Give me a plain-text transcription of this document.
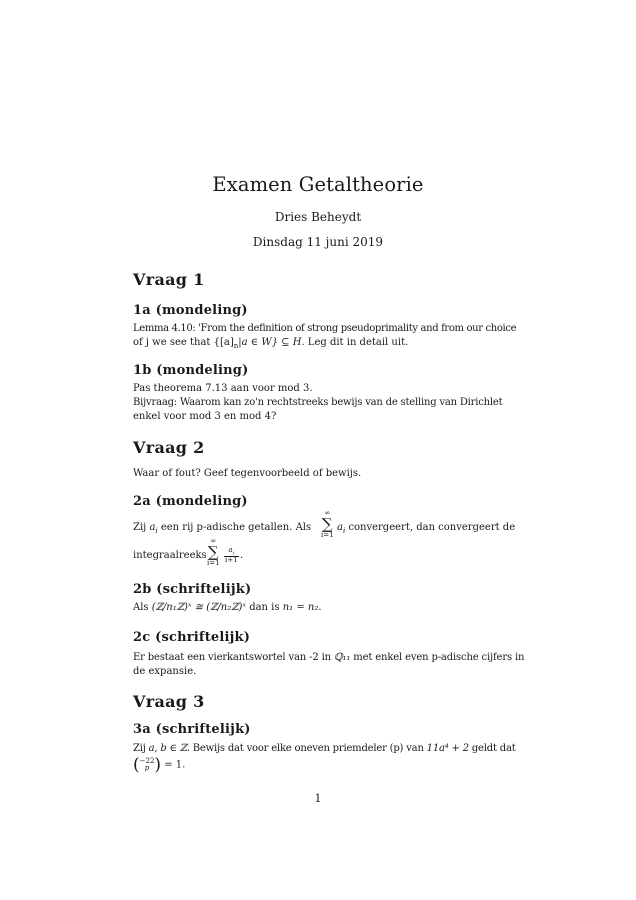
Examen Getaltheorie
Dries Beheydt
Dinsdag 11 juni 2019
Vraag 1
1a (mondeling)
Lemma 4.10: 'From the definition of strong pseudoprimality and from our choice
of j we see that {$[a]_n|a$ ∈ W} ⊆ H. Leg dit in detail uit.
1b (mondeling)
Pas theorema 7.13 aan voor mod 3.
Bijvraag: Waarom kan zo'n rechtstreeks bewijs van de stelling van Dirichlet
enkel voor mod 3 en mod 4?
Vraag 2
Waar of fout? Geef tegenvoorbeeld of bewijs.
2a (mondeling)
Zij $a_i$ een rij p-adische getallen. Als
∞
∑
i=1
$a_i$ convergeert, dan convergeert de
integraalreeks
∞
∑
$i=1 \frac{a_i}{i+1}$ .
2b (schriftelijk)
Als (ℤ/n₁ℤ)ˣ ≅ (ℤ/n₂ℤ)ˣ dan is n₁ = n₂.
2c (schriftelijk)
Er bestaat een vierkantswortel van -2 in ℚ₁₁ met enkel even p-adische cijfers in
de expansie.
Vraag 3
3a (schriftelijk)
Zij a, b ∈ ℤ. Bewijs dat voor elke oneven priemdeler (p) van 11a⁴ + 2 geldt dat
( −22
p ) = 1.
1
